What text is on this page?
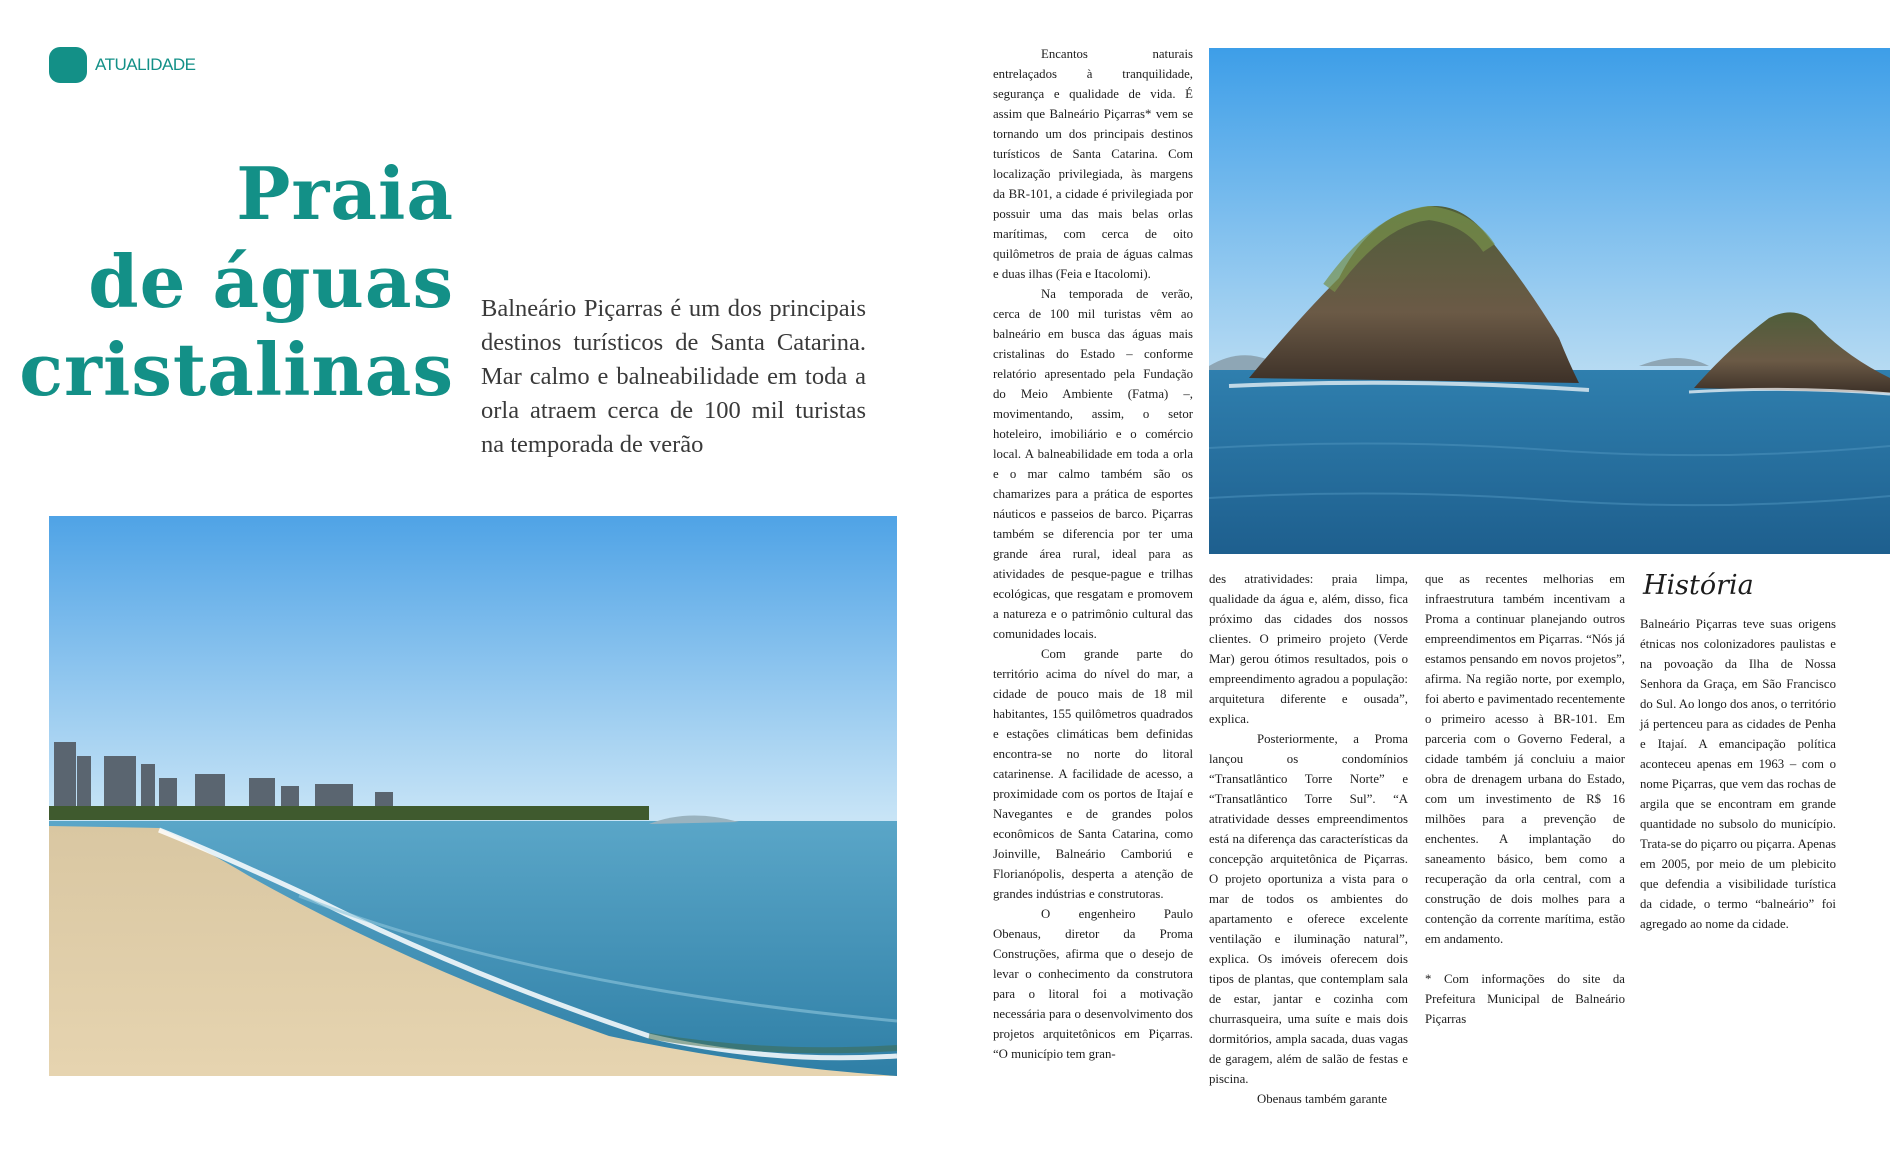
ATUALIDADE
Praia
de águas
cristalinas

Balneário Piçarras é um dos principais destinos turísticos de Santa Catarina. Mar calmo e balneabilidade em toda a orla atraem cerca de 100 mil turistas na temporada de verão

Encantos naturais entrelaçados à tranquilidade, segurança e qualidade de vida. É assim que Balneário Piçarras* vem se tornando um dos principais destinos turísticos de Santa Catarina. Com localização privilegiada, às margens da BR-101, a cidade é privilegiada por possuir uma das mais belas orlas marítimas, com cerca de oito quilômetros de praia de águas calmas e duas ilhas (Feia e Itacolomi).

Na temporada de verão, cerca de 100 mil turistas vêm ao balneário em busca das águas mais cristalinas do Estado – conforme relatório apresentado pela Fundação do Meio Ambiente (Fatma) –, movimentando, assim, o setor hoteleiro, imobiliário e o comércio local. A balneabilidade em toda a orla e o mar calmo também são os chamarizes para a prática de esportes náuticos e passeios de barco. Piçarras também se diferencia por ter uma grande área rural, ideal para as atividades de pesque-pague e trilhas ecológicas, que resgatam e promovem a natureza e o patrimônio cultural das comunidades locais.

Com grande parte do território acima do nível do mar, a cidade de pouco mais de 18 mil habitantes, 155 quilômetros quadrados e estações climáticas bem definidas encontra-se no norte do litoral catarinense. A facilidade de acesso, a proximidade com os portos de Itajaí e Navegantes e de grandes polos econômicos de Santa Catarina, como Joinville, Balneário Camboriú e Florianópolis, desperta a atenção de grandes indústrias e construtoras.

O engenheiro Paulo Obenaus, diretor da Proma Construções, afirma que o desejo de levar o conhecimento da construtora para o litoral foi a motivação necessária para o desenvolvimento dos projetos arquitetônicos em Piçarras. “O município tem gran-

des atratividades: praia limpa, qualidade da água e, além, disso, fica próximo das cidades dos nossos clientes. O primeiro projeto (Verde Mar) gerou ótimos resultados, pois o empreendimento agradou a população: arquitetura diferente e ousada”, explica.

Posteriormente, a Proma lançou os condomínios “Transatlântico Torre Norte” e “Transatlântico Torre Sul”. “A atratividade desses empreendimentos está na diferença das características da concepção arquitetônica de Piçarras. O projeto oportuniza a vista para o mar de todos os ambientes do apartamento e oferece excelente ventilação e iluminação natural”, explica. Os imóveis oferecem dois tipos de plantas, que contemplam sala de estar, jantar e cozinha com churrasqueira, uma suíte e mais dois dormitórios, ampla sacada, duas vagas de garagem, além de salão de festas e piscina.

Obenaus também garante

que as recentes melhorias em infraestrutura também incentivam a Proma a continuar planejando outros empreendimentos em Piçarras. “Nós já estamos pensando em novos projetos”, afirma. Na região norte, por exemplo, foi aberto e pavimentado recentemente o primeiro acesso à BR-101. Em parceria com o Governo Federal, a cidade também já concluiu a maior obra de drenagem urbana do Estado, com um investimento de R$ 16 milhões para a prevenção de enchentes. A implantação do saneamento básico, bem como a recuperação da orla central, com a construção de dois molhes para a contenção da corrente marítima, estão em andamento.

* Com informações do site da Prefeitura Municipal de Balneário Piçarras

História

Balneário Piçarras teve suas origens étnicas nos colonizadores paulistas e na povoação da Ilha de Nossa Senhora da Graça, em São Francisco do Sul. Ao longo dos anos, o território já pertenceu para as cidades de Penha e Itajaí. A emancipação política aconteceu apenas em 1963 – com o nome Piçarras, que vem das rochas de argila que se encontram em grande quantidade no subsolo do município. Trata-se do piçarro ou piçarra. Apenas em 2005, por meio de um plebicito que defendia a visibilidade turística da cidade, o termo “balneário” foi agregado ao nome da cidade.
